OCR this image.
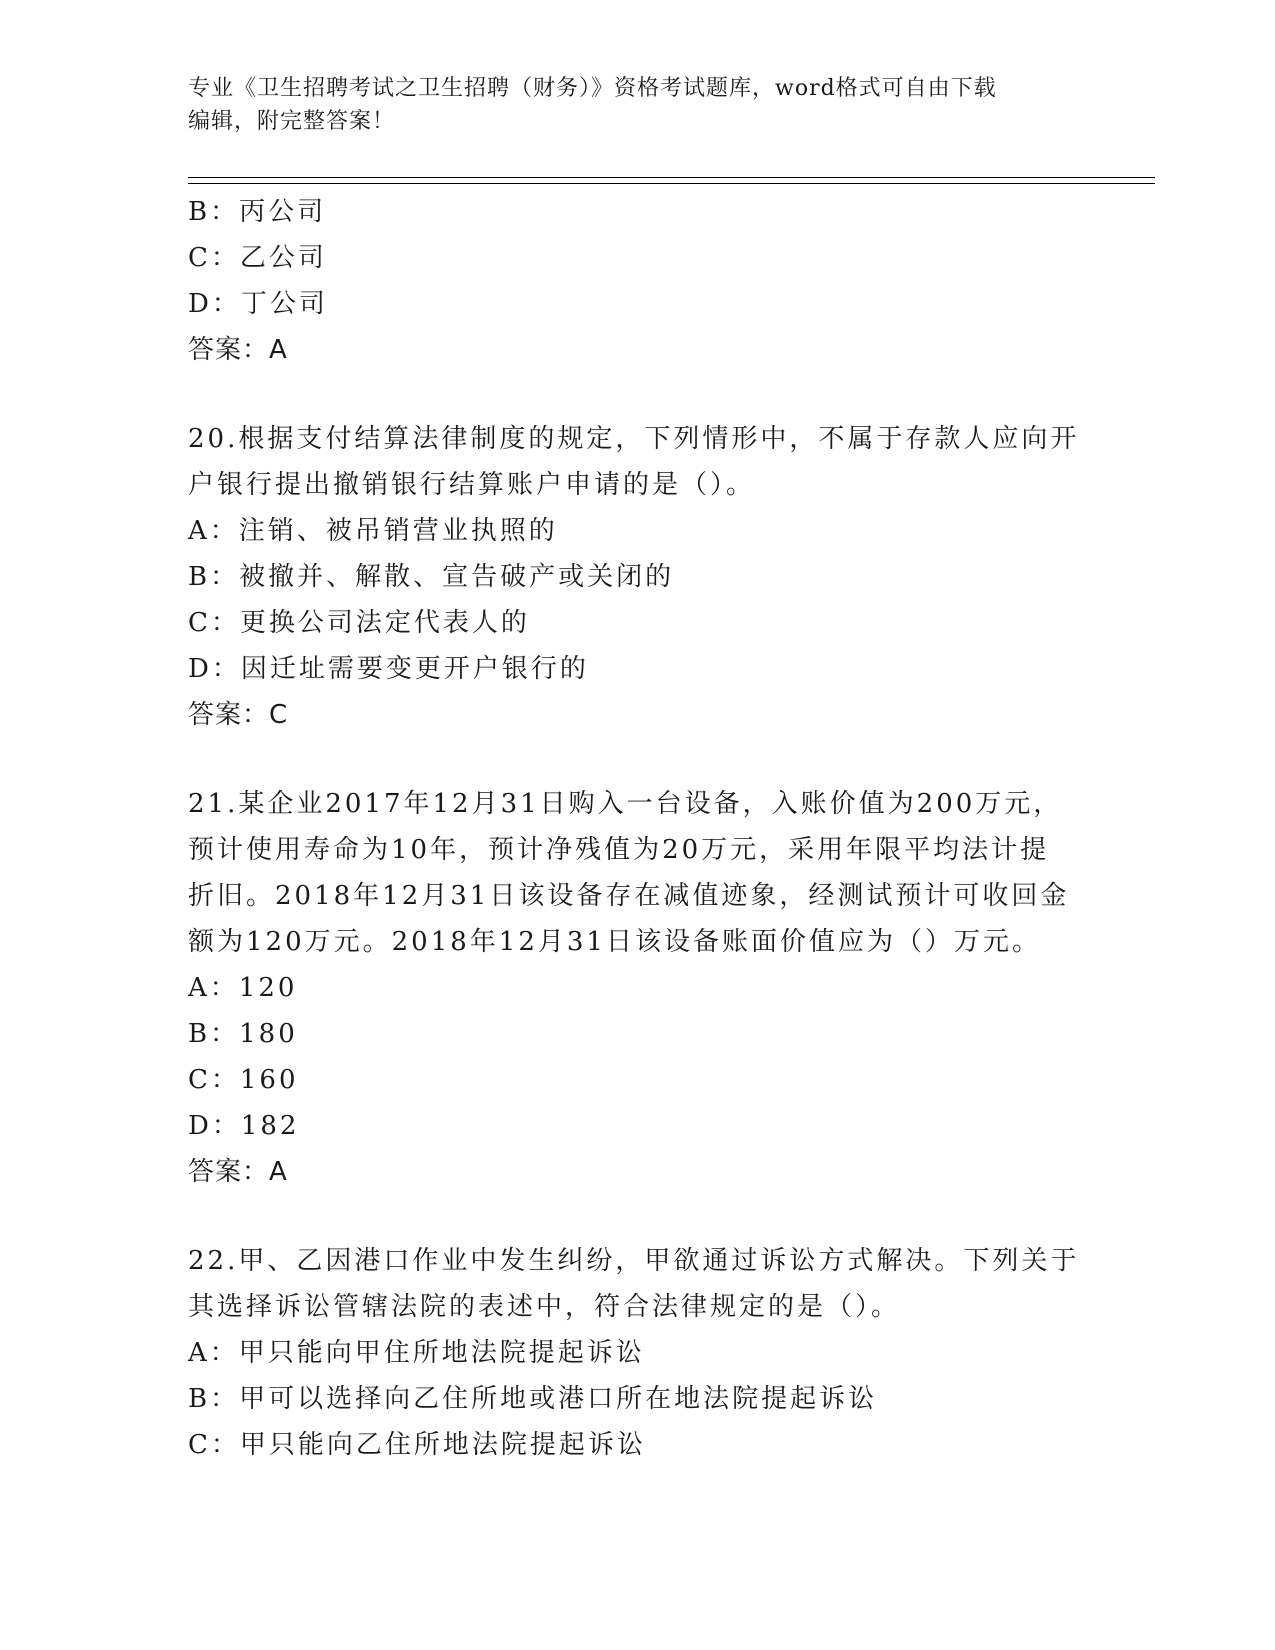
专业《卫生招聘考试之卫生招聘（财务）》资格考试题库，word格式可自由下载
编辑，附完整答案！
B：丙公司
C：乙公司
D：丁公司
答案：A
20.根据支付结算法律制度的规定，下列情形中，不属于存款人应向开
户银行提出撤销银行结算账户申请的是（）。
A：注销、被吊销营业执照的
B：被撤并、解散、宣告破产或关闭的
C：更换公司法定代表人的
D：因迁址需要变更开户银行的
答案：C
21.某企业2017年12月31日购入一台设备，入账价值为200万元，
预计使用寿命为10年，预计净残值为20万元，采用年限平均法计提
折旧。2018年12月31日该设备存在减值迹象，经测试预计可收回金
额为120万元。2018年12月31日该设备账面价值应为（）万元。
A：120
B：180
C：160
D：182
答案：A
22.甲、乙因港口作业中发生纠纷，甲欲通过诉讼方式解决。下列关于
其选择诉讼管辖法院的表述中，符合法律规定的是（）。
A：甲只能向甲住所地法院提起诉讼
B：甲可以选择向乙住所地或港口所在地法院提起诉讼
C：甲只能向乙住所地法院提起诉讼
